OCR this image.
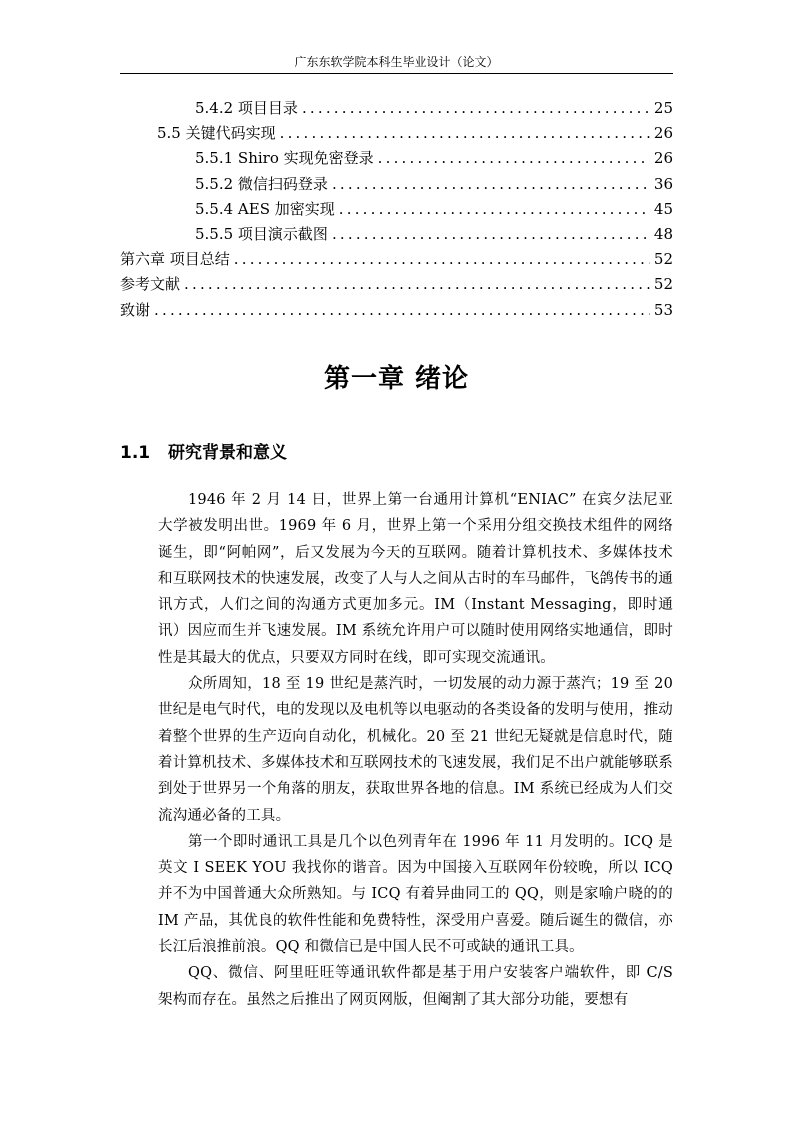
广东东软学院本科生毕业设计（论文）
5.4.2 项目目录 .....	25
5.5 关键代码实现 .....	26
5.5.1 Shiro 实现免密登录 .....	26
5.5.2 微信扫码登录 .....	36
5.5.4 AES 加密实现 .....	45
5.5.5 项目演示截图 .....	48
第六章 项目总结 .....	52
参考文献 .....	52
致谢 .....	53
第一章 绪论
1.1 研究背景和意义

1946 年 2 月 14 日，世界上第一台通用计算机“ENIAC” 在宾夕法尼亚大学被发明出世。1969 年 6 月，世界上第一个采用分组交换技术组件的网络诞生，即“阿帕网”，后又发展为今天的互联网。随着计算机技术、多媒体技术和互联网技术的快速发展，改变了人与人之间从古时的车马邮件，飞鸽传书的通讯方式，人们之间的沟通方式更加多元。IM（Instant Messaging，即时通讯）因应而生并飞速发展。IM 系统允许用户可以随时使用网络实地通信，即时性是其最大的优点，只要双方同时在线，即可实现交流通讯。

众所周知，18 至 19 世纪是蒸汽时，一切发展的动力源于蒸汽；19 至 20 世纪是电气时代，电的发现以及电机等以电驱动的各类设备的发明与使用，推动着整个世界的生产迈向自动化，机械化。20 至 21 世纪无疑就是信息时代，随着计算机技术、多媒体技术和互联网技术的飞速发展，我们足不出户就能够联系到处于世界另一个角落的朋友，获取世界各地的信息。IM 系统已经成为人们交流沟通必备的工具。

第一个即时通讯工具是几个以色列青年在 1996 年 11 月发明的。ICQ 是英文 I SEEK YOU 我找你的谐音。因为中国接入互联网年份较晚，所以 ICQ 并不为中国普通大众所熟知。与 ICQ 有着异曲同工的 QQ，则是家喻户晓的的 IM 产品，其优良的软件性能和免费特性，深受用户喜爱。随后诞生的微信，亦长江后浪推前浪。QQ 和微信已是中国人民不可或缺的通讯工具。

QQ、微信、阿里旺旺等通讯软件都是基于用户安装客户端软件，即 C/S 架构而存在。虽然之后推出了网页网版，但阉割了其大部分功能，要想有
